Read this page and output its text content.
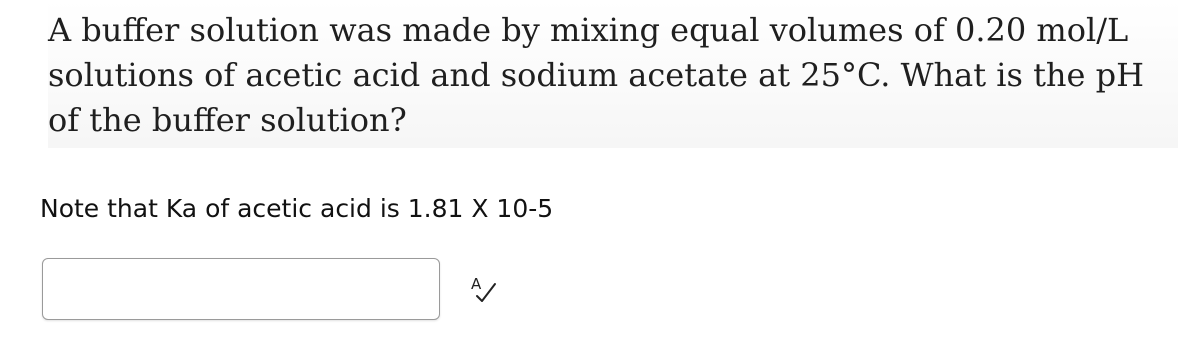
A buffer solution was made by mixing equal volumes of 0.20 mol/L
solutions of acetic acid and sodium acetate at 25°C. What is the pH
of the buffer solution?

Note that Ka of acetic acid is 1.81 X 10-5

A
